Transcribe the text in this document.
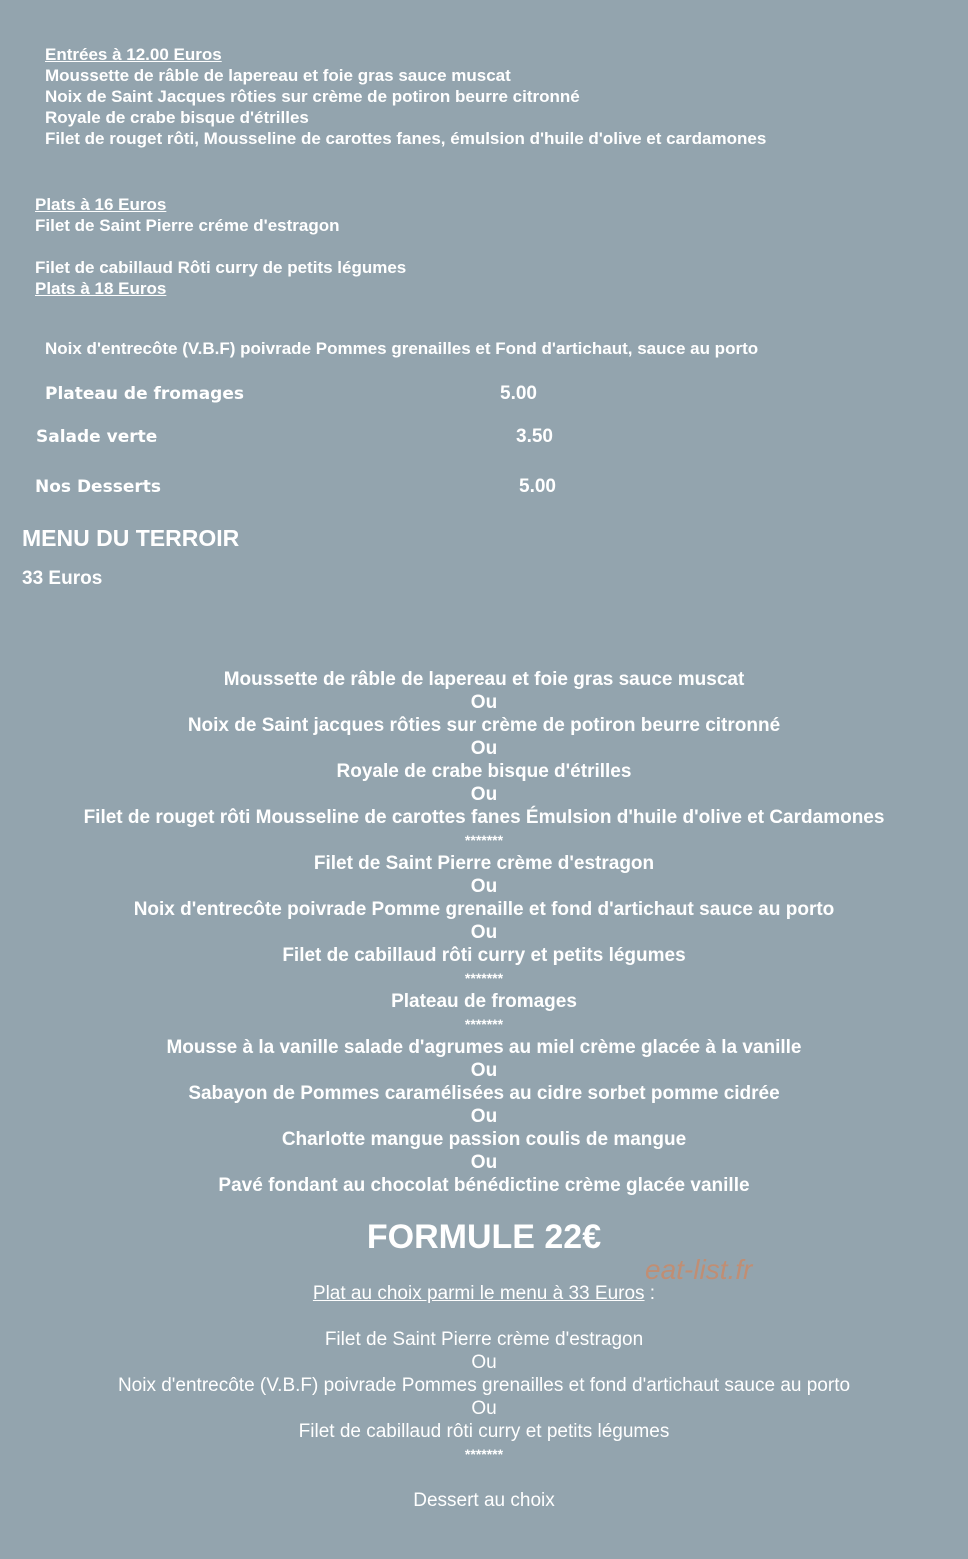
Entrées à 12.00 Euros
Moussette de râble de lapereau et foie gras sauce muscat
Noix de Saint Jacques rôties sur crème de potiron beurre citronné
Royale de crabe bisque d'étrilles
Filet de rouget rôti, Mousseline de carottes fanes, émulsion d'huile d'olive et cardamones
Plats à 16 Euros
Filet de Saint Pierre créme d'estragon
Filet de cabillaud Rôti curry de petits légumes
Plats à 18 Euros
Noix d'entrecôte (V.B.F) poivrade Pommes grenailles et Fond d'artichaut, sauce au porto
Plateau de fromages	5.00
Salade verte	3.50
Nos Desserts	5.00
MENU DU TERROIR
33 Euros
Moussette de râble de lapereau et foie gras sauce muscat
Ou
Noix de Saint jacques rôties sur crème de potiron beurre citronné
Ou
Royale de crabe bisque d'étrilles
Ou
Filet de rouget rôti Mousseline de carottes fanes Émulsion d'huile d'olive et Cardamones
*******
Filet de Saint Pierre crème d'estragon
Ou
Noix d'entrecôte poivrade Pomme grenaille et fond d'artichaut sauce au porto
Ou
Filet de cabillaud rôti curry et petits légumes
*******
Plateau de fromages
*******
Mousse à la vanille salade d'agrumes au miel crème glacée à la vanille
Ou
Sabayon de Pommes caramélisées au cidre sorbet pomme cidrée
Ou
Charlotte mangue passion coulis de mangue
Ou
Pavé fondant au chocolat bénédictine crème glacée vanille
FORMULE 22€
eat-list.fr
Plat au choix parmi le menu à 33 Euros :
Filet de Saint Pierre crème d'estragon
Ou
Noix d'entrecôte (V.B.F) poivrade Pommes grenailles et fond d'artichaut sauce au porto
Ou
Filet de cabillaud rôti curry et petits légumes
*******
Dessert au choix
